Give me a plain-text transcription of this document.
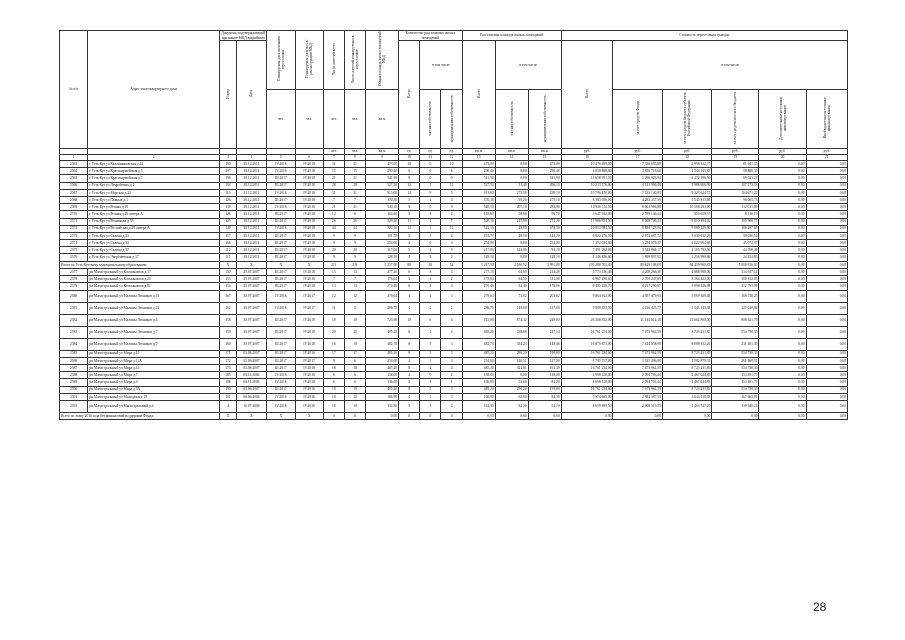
№ п/п	Адрес многоквартирного дома	Документ, подтверждающий признание МКД аварийным		Планируемая дата окончания переселения	Планируемая дата сноса/ реконструкции МКД	Число жителей всего	Число жителей планируемых к переселению	Общая площадь жилых помещений МКД	Количество расселяемых жилых помещений			Расселяемая площадь жилых помещений			Стоимость переселения граждан					
		Номер	Дата						Всего	в том числе		Всего	в том числе		Всего	в том числе				
				чел.	чел.	чел.	чел.	кв.м		частная собственность	муниципальная собственность		частная собственность	муниципальная собственность		за счет средств Фонда	за счет средств бюджета субъекта Российской Федерации	за счет средств местного бюджета	Дополнительные источники финансирования	Внебюджетные источники финансирования
						чел.	чел.	кв.м	ед.	ед.	ед.	кв.м	кв.м	кв.м	руб.	руб.	руб.	руб.	руб.	руб.
1	2	3	4	5	6	7	8	9	10	11	12	13	14	15	16	17	18	19	20	21
2565	г Усть-Кут ул Калашниковская д.42	190	30.12.2011	IV.2016	IV.2018	31	31	473,00	10	0	10	473,00	0,00	473,00	10 276 699,00	7 336 695,88	2 858 332,77	81 641,35	0,00	0,00
2564	г Усть-Кут ул Красноармейская д.5	197	30.12.2011	IV.2016	IV.2018	15	15	290,40	6	0	6	290,40	0,00	290,40	6 059 868,00	3 856 716,60	4 544 145,85	58 888,35	0,00	0,00
2563	г Усть-Кут ул Красноармейская д.7	196	30.12.2011	III.2017	IV.2018	21	21	541,90	9	0	9	541,90	0,00	541,90	11 658 951,50	5 266 023,84	6 472 396,59	69 023,27	0,00	0,00
2566	г Усть-Кут ул Ленрабочих д.1	194	30.12.2011	III.2017	IV.2018	28	28	527,50	12	1	11	527,50	31,40	496,10	10 213 576,80	4 121 996,48	5 988 606,99	107 273,33	0,00	0,00
2567	г Усть-Кут ул Морская д.22	113	31.12.2011	IV.2016	IV.2018	31	31	913,60	14	9	5	913,60	275,50	238,10	19 796 470,00	7 533 140,03	9 323 624,73	104 671,22	0,00	0,00
2568	г Усть-Кут ул Пьяных д.1	126	30.12.2011	III.2017	IV.2018	7	7	370,30	5	1	4	370,30	95,20	275,10	8 383 056,00	4 283 337,59	5 545 313,68	96 005,73	0,00	0,00
2569	г Усть-Кут ул Речная д.19	139	30.12.2011	IV.2016	IV.2018	21	21	540,10	9	0	9	540,10	207,10	283,00	10 936 114,50	8 661 996,88	10 508 283,90	112 031,89	0,00	0,00
2570	г Усть-Кут ул Речная д.29 литера А	126	30.12.2011	III.2017	IV.2018	12	8	164,60	3	1	2	155,60	58,90	96,70	3 647 932,00	2 789 146,44	850 659,37	8 116,19	0,00	0,00
2571	г Усть-Кут ул Речникова д.35	125	30.12.2011	III.2017	IV.2018	26	26	520,10	11	4	7	520,10	247,90	272,20	17 986 854,50	8 068 706,43	9 810 394,42	105 908,75	0,00	0,00
2572	г Усть-Кут ул Российская д.29 литера А	140	30.12.2011	IV.2016	IV.2018	44	44	522,10	12	1	11	522,10	43,80	478,30	10 853 984,50	8 884 123,94	9 080 129,90	106 267,85	0,00	0,00
2573	г Усть-Кут ул Салина д.31	157	30.12.2011	III.2017	IV.2018	9	9	191,70	5	1	4	191,70	48,50	143,20	6 622 276,50	2 972 687,72	3 630 632,26	39 036,52	0,00	0,00
2574	г Усть-Кут ул Салина д.33	166	30.12.2011	III.2017	IV.2018	9	9	254,00	4	0	4	254,00	0,00	254,00	7 352 054,00	3 284 076,37	4 022 904,66	45 072,97	0,00	0,00
2575	г Усть-Кут ул Салина д.37	112	30.12.2011	III.2017	IV.2018	20	20	317,00	5	2	3	217,00	122,90	94,10	7 491 262,00	3 342 864,17	4 105 792,36	44 188,49	0,00	0,00
2576	г Усть-Кут ул Эвербиевская д.17	111	30.12.2011	III.2017	IV.2018	9	9	128,10	4	2	2	128,10	0,00	128,10	4 146 836,60	1 869 807,92	2 256 990,86	24 434,83	0,00	0,00
Итого по Усть-Кутскому муниципальному образованию		X	X	X	X	211	211	5 257,90	88	30	54	5 247,90	2 186,52	2 991,00	101 288 703,40	80 629 108,09	84 459 960,45	1 000 816,61	0,00	0,00
2577	рп Магистральный ул Космонавтов д.17	150	25.07.2007	III.2017	IV.2018	13	13	277,10	6	3	3	277,10	64,90	212,20	5 773 136,40	4 208 266,20	4 988 988,06	314 617,14	0,00	0,00
2578	рп Магистральный ул Космонавтов д.25	153	25.07.2007	III.2017	IV.2018	7	7	176,64	3	1	2	175,64	64,50	111,00	6 967 490,60	2 705 247,09	3 164 422,00	300 812,05	0,00	0,00
2579	рп Магистральный ул Космонавтов д.81	154	25.07.2007	III.2017	IV.2018	13	13	274,46	6	2	4	270,46	92,40	178,06	9 485 230,70	4 237 290,87	5 998 126,98	312 793,99	0,00	0,00
2580	рп Магистральный ул Малины Лесников д.13	167	30.07.2007	IV.2016	IV.2017	12	12	279,64	4	1	3	279,64	73,62	203,02	9 864 162,00	4 397 479,93	5 069 369,48	169 728,25	0,00	0,00
2581	рп Магистральный ул Малины Лесников д.12	162	30.07.2007	IV.2016	IV.2017	11	11	286,70	4	2	2	286,70	149,00	137,00	9 908 453,50	4 416 425,77	5 343 143,38	127 020,94	0,00	0,00
2582	рп Магистральный ул Малины Лесников д.6	158	30.07.2007	III.2017	IV.2018	10	10	723,90	10	6	4	723,90	474,32	249,00	26 508 832,00	11 135 612,10	13 662 800,00	808 621,79	0,00	0,00
2583	рп Магистральный ул Малины Лесников д.7	159	30.07.2007	III.2017	IV.2018	20	20	485,20	8	4	4	485,20	238,06	247,14	16 761 234,00	7 473 962,59	8 723 231,85	554 738,35	0,00	0,00
2584	рп Магистральный ул Малины Лесников д.9	160	30.07.2007	III.2017	IV.2018	16	10	482,70	8	5	3	482,70	334,24	148,46	16 870 871,00	7 424 658,98	8 088 352,29	231 401,39	0,00	0,00
2585	рп Магистральный ул Мира д.11	171	03.08.2007	III.2017	IV.2016	17	17	485,20	8	5	3	485,20	286,20	199,00	16 761 234,00	7 473 962,59	8 723 231,85	554 738,35	0,00	0,00
2586	рп Магистральный ул Мира д.11А	172	03.08.2007	III.2017	IV.2017	6	6	254,60	4	1	3	254,60	126,51	127,00	8 795 157,00	3 925 496,00	4 582 879,31	261 669,51	0,00	0,00
2587	рп Магистральный ул Мира д.13	173	03.08.2007	III.2017	IV.2018	18	18	485,20	8	4	4	485,20	321,81	163,39	16 761 234,00	7 473 962,59	8 723 231,85	554 738,35	0,00	0,00
2588	рп Магистральный ул Мира д.7	185	06.11.2006	IV.2016	IV.2018	6	6	138,00	2	0	2	138,00	0,00	138,00	4 998 120,00	2 094 703,44	2 467 024,85	153 491,71	0,00	0,00
2589	рп Магистральный ул Мира д.9	186	06.11.2006	IV.2016	IV.2018	6	6	136,00	2	1	1	136,00	53,80	82,20	4 698 120,00	2 094 703,44	2 467 024,85	153 491,71	0,00	0,00
2590	рп Магистральный ул Мира д.9А	190	03.06.2007	III.2017	IV.2016	19	19	485,20	8	5	3	485,20	290,20	195,00	16 761 234,00	7 473 962,59	8 723 231,85	554 738,35	0,00	0,00
2591	рп Магистральный ул Молодежи д.19	191	06.06.2006	IV.2016	IV.2016	10	10	166,90	4	1	3	166,90	62,00	84,30	5 974 665,00	2 882 387,33	3 644 118,03	167 663,81	0,00	0,00
2592	рп Магистральный ул Магистральный д.4	4	16.07.2006	IV.2016	IV.2016	10	10	134,30	3	1	2	134,30	82,20	52,10	4 659 899,50	2 068 519,55	2 403 727,20	139 348,22	0,00	0,00
Всего по этапу 2016 года без финансовой поддержки Фонда:		X	X	X	X	0	0	0,00	0	0	0	0,00	0,00	0,00	0,00	0,00	0,00	0,00	0,00	0,00
28
